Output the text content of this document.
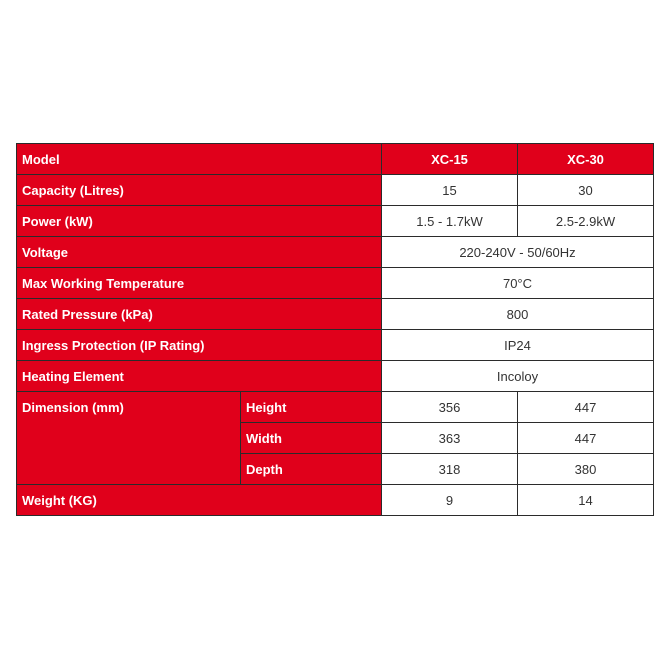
Model		XC-15	XC-30
Capacity (Litres)		15	30
Power (kW)		1.5 - 1.7kW	2.5-2.9kW
Voltage		220-240V - 50/60Hz	
Max Working Temperature		70°C	
Rated Pressure (kPa)		800	
Ingress Protection (IP Rating)		IP24	
Heating Element		Incoloy	
Dimension (mm)	Height	356	447
	Width	363	447
	Depth	318	380
Weight (KG)		9	14
